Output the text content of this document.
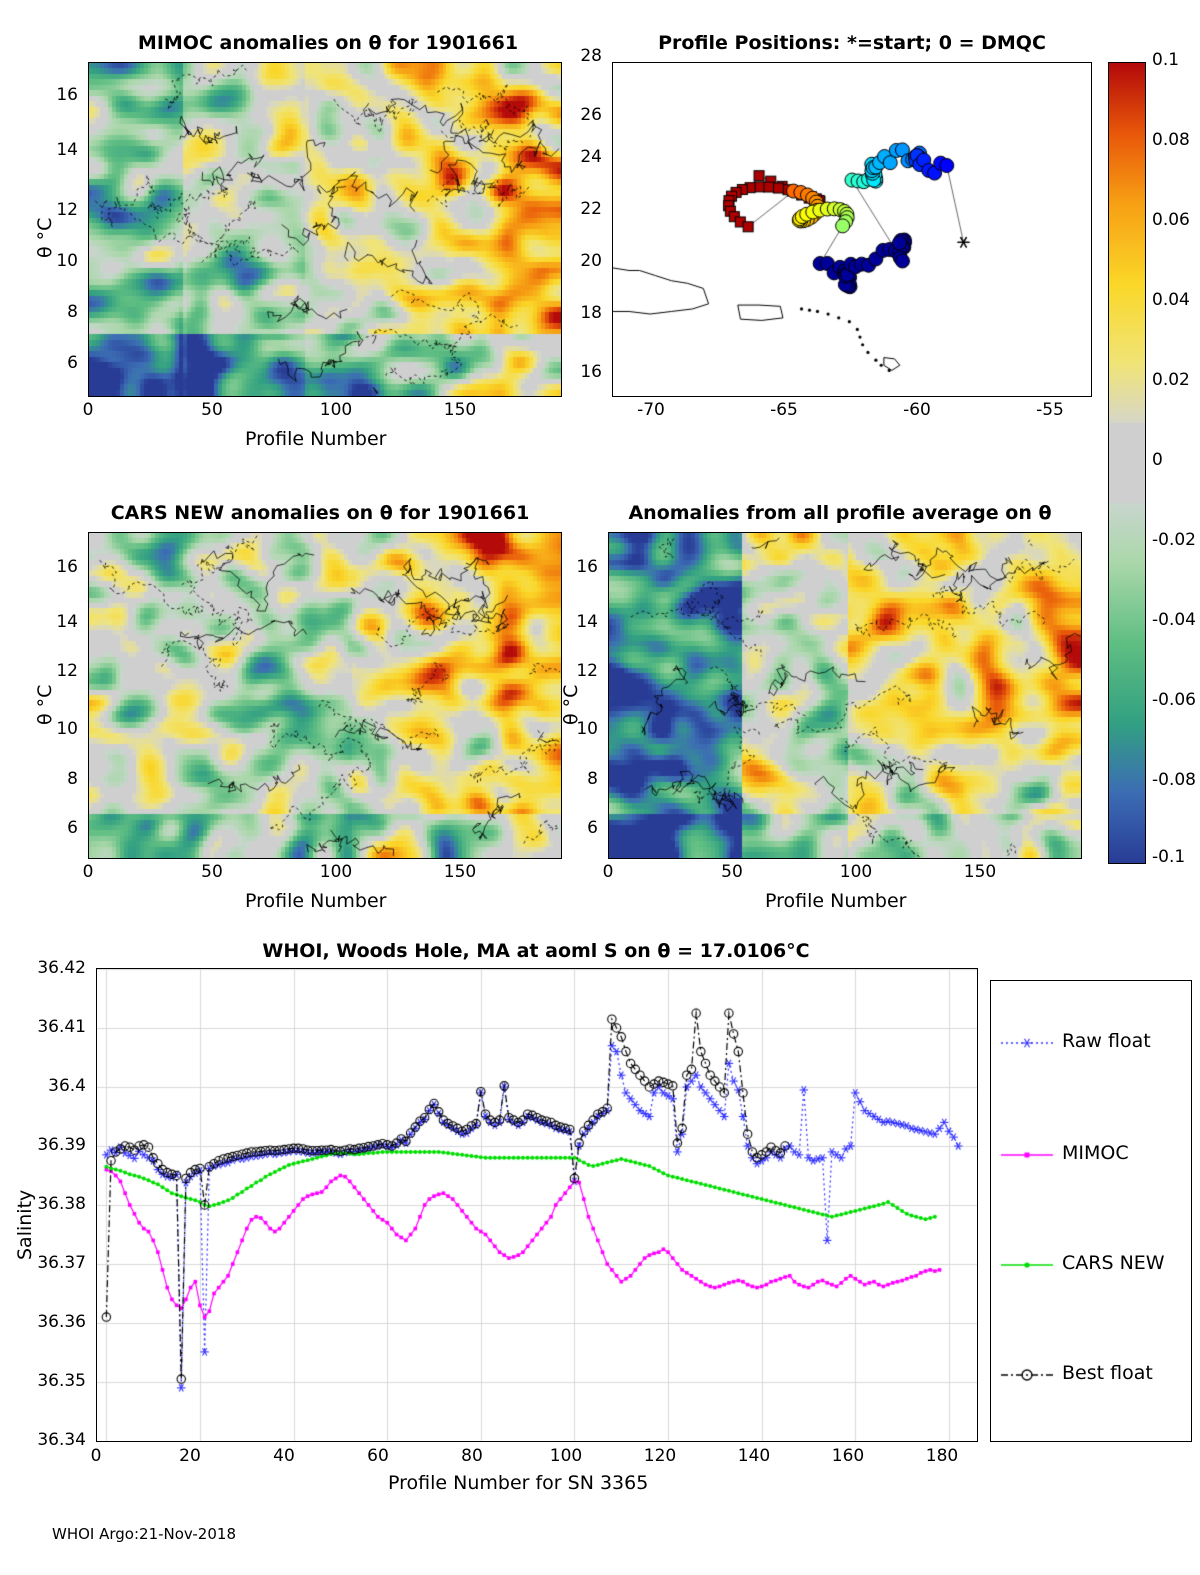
MIMOC anomalies on θ for 1901661
0	50	100	150
6
8
10
12
14
16
Profile Number
θ °C
Profile Positions: *=start; 0 = DMQC
-70	-65	-60	-55
16
18
20
22
24
26
28	0.1
0.08
0.06
0.04
0.02
0
-0.02
-0.04
-0.06
-0.08
-0.1
CARS NEW anomalies on θ for 1901661
0	50	100	150
6
8
10
12
14
16
Profile Number
θ °C
Anomalies from all profile average on θ
0	50	100	150
6
8
10
12
14
16
Profile Number
θ °C
WHOI, Woods Hole, MA at aoml S on θ = 17.0106°C
0	20	40	60	80	100	120	140	160	180
36.34
36.35
36.36
36.37
36.38
36.39
36.4
36.41
36.42
Profile Number for SN 3365
Salinity
Raw float
MIMOC
CARS NEW
Best float
WHOI Argo:21-Nov-2018
